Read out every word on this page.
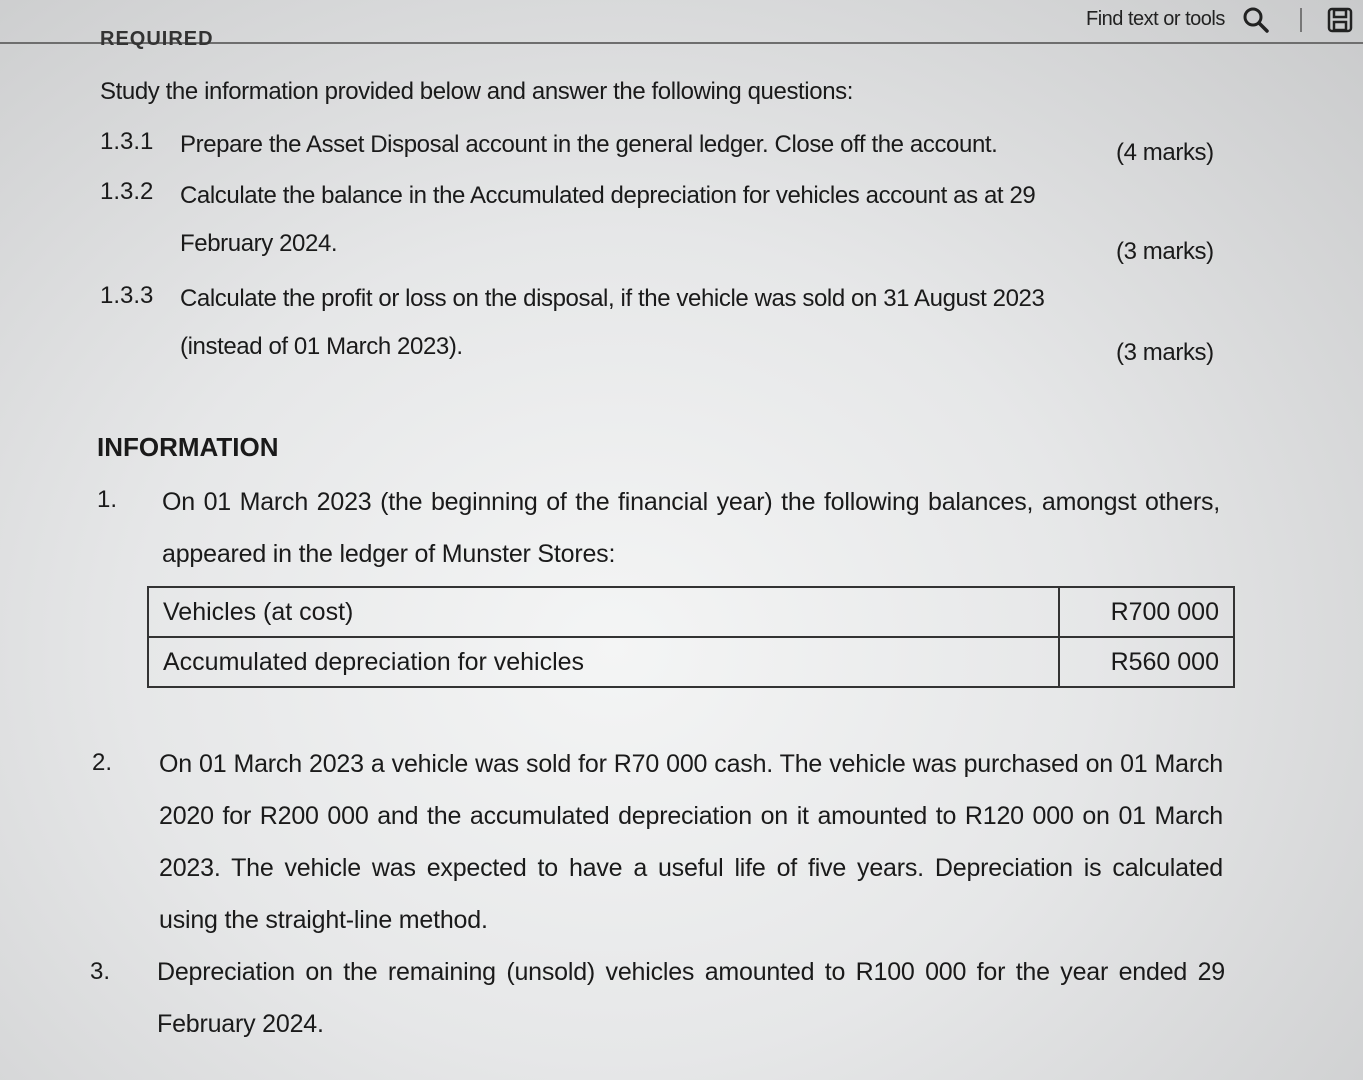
Find text or tools
REQUIRED
Study the information provided below and answer the following questions:
1.3.1 Prepare the Asset Disposal account in the general ledger. Close off the account.	(4 marks)
1.3.2 Calculate the balance in the Accumulated depreciation for vehicles account as at 29
February 2024.	(3 marks)
1.3.3 Calculate the profit or loss on the disposal, if the vehicle was sold on 31 August 2023
(instead of 01 March 2023).	(3 marks)
INFORMATION
1. On 01 March 2023 (the beginning of the financial year) the following balances, amongst others, appeared in the ledger of Munster Stores:
Vehicles (at cost)	R700 000
Accumulated depreciation for vehicles	R560 000
2. On 01 March 2023 a vehicle was sold for R70 000 cash. The vehicle was purchased on 01 March 2020 for R200 000 and the accumulated depreciation on it amounted to R120 000 on 01 March 2023. The vehicle was expected to have a useful life of five years. Depreciation is calculated using the straight-line method.
3. Depreciation on the remaining (unsold) vehicles amounted to R100 000 for the year ended 29 February 2024.
